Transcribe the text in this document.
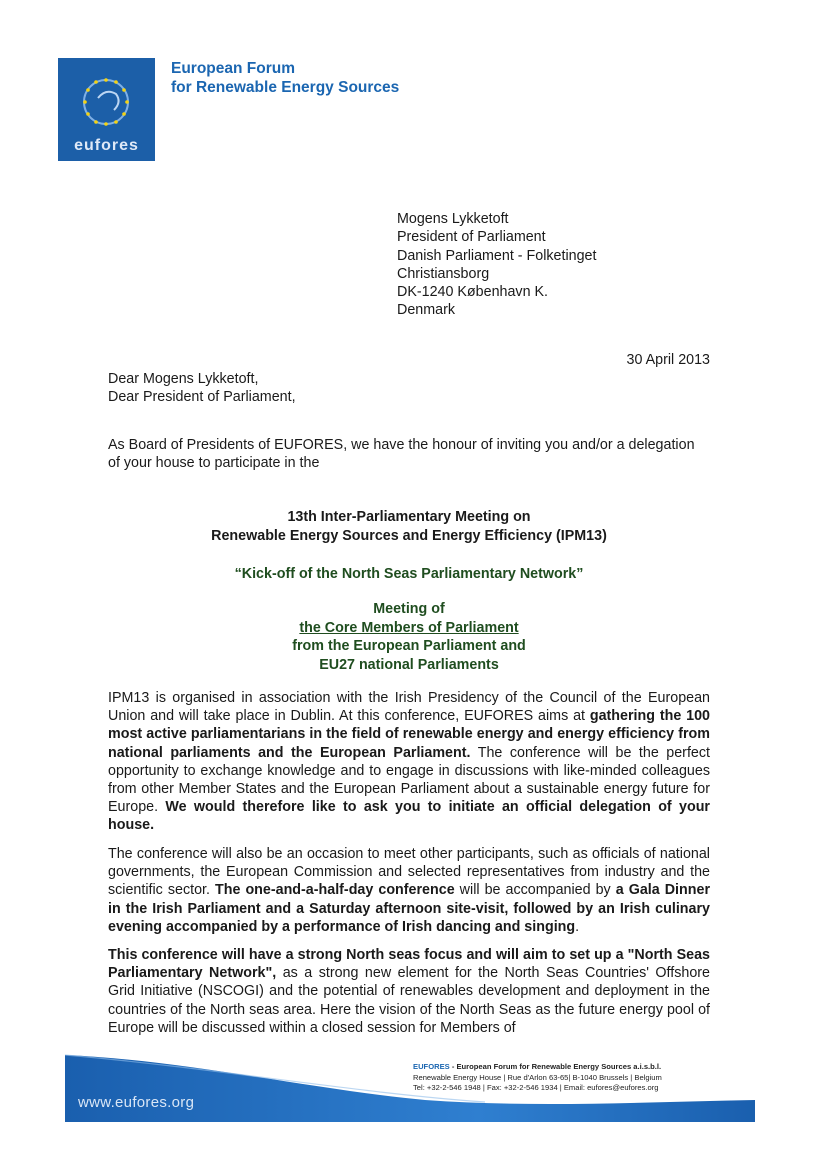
eufores
European Forum
for Renewable Energy Sources
Mogens Lykketoft
President of Parliament
Danish Parliament - Folketinget
Christiansborg
DK-1240 København K.
Denmark
30 April 2013
Dear Mogens Lykketoft,
Dear President of Parliament,
As Board of Presidents of EUFORES, we have the honour of inviting you and/or a delegation of your house to participate in the
13th Inter-Parliamentary Meeting on
Renewable Energy Sources and Energy Efficiency (IPM13)
“Kick-off of the North Seas Parliamentary Network”
Meeting of
the Core Members of Parliament
from the European Parliament and
EU27 national Parliaments
IPM13 is organised in association with the Irish Presidency of the Council of the European Union and will take place in Dublin. At this conference, EUFORES aims at gathering the 100 most active parliamentarians in the field of renewable energy and energy efficiency from national parliaments and the European Parliament. The conference will be the perfect opportunity to exchange knowledge and to engage in discussions with like-minded colleagues from other Member States and the European Parliament about a sustainable energy future for Europe. We would therefore like to ask you to initiate an official delegation of your house.
The conference will also be an occasion to meet other participants, such as officials of national governments, the European Commission and selected representatives from industry and the scientific sector. The one-and-a-half-day conference will be accompanied by a Gala Dinner in the Irish Parliament and a Saturday afternoon site-visit, followed by an Irish culinary evening accompanied by a performance of Irish dancing and singing.
This conference will have a strong North seas focus and will aim to set up a "North Seas Parliamentary Network", as a strong new element for the North Seas Countries' Offshore Grid Initiative (NSCOGI) and the potential of renewables development and deployment in the countries of the North seas area. Here the vision of the North Seas as the future energy pool of Europe will be discussed within a closed session for Members of
www.eufores.org
EUFORES - European Forum for Renewable Energy Sources a.i.s.b.l.
Renewable Energy House | Rue d'Arlon 63-65| B-1040 Brussels | Belgium
Tel: +32-2-546 1948 | Fax: +32-2-546 1934 | Email: eufores@eufores.org
